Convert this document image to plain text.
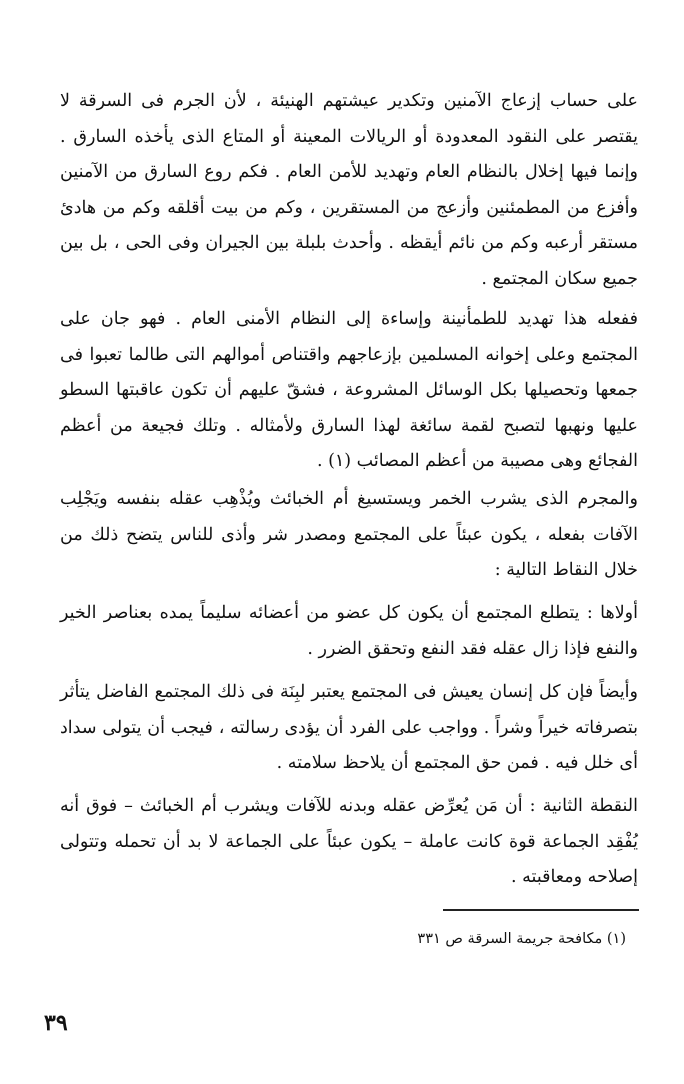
على حساب إزعاج الآمنين وتكدير عيشتهم الهنيئة ، لأن الجرم فى السرقة لا يقتصر على النقود المعدودة أو الريالات المعينة أو المتاع الذى يأخذه السارق . وإنما فيها إخلال بالنظام العام وتهديد للأمن العام . فكم روع السارق من الآمنين وأفزع من المطمئنين وأزعج من المستقرين ، وكم من بيت أقلقه وكم من هادئ مستقر أرعبه وكم من نائم أيقظه . وأحدث بلبلة بين الجيران وفى الحى ، بل بين جميع سكان المجتمع .

ففعله هذا تهديد للطمأنينة وإساءة إلى النظام الأمنى العام . فهو جان على المجتمع وعلى إخوانه المسلمين بإزعاجهم واقتناص أموالهم التى طالما تعبوا فى جمعها وتحصيلها بكل الوسائل المشروعة ، فشقّ عليهم أن تكون عاقبتها السطو عليها ونهبها لتصبح لقمة سائغة لهذا السارق ولأمثاله . وتلك فجيعة من أعظم الفجائع وهى مصيبة من أعظم المصائب (١) .

والمجرم الذى يشرب الخمر ويستسيغ أم الخبائث ويُذْهِب عقله بنفسه ويَجْلِب الآفات بفعله ، يكون عبئاً على المجتمع ومصدر شر وأذى للناس يتضح ذلك من خلال النقاط التالية :

أولاها : يتطلع المجتمع أن يكون كل عضو من أعضائه سليماً يمده بعناصر الخير والنفع فإذا زال عقله فقد النفع وتحقق الضرر .

وأيضاً فإن كل إنسان يعيش فى المجتمع يعتبر لبِنَة فى ذلك المجتمع الفاضل يتأثر بتصرفاته خيراً وشراً . وواجب على الفرد أن يؤدى رسالته ، فيجب أن يتولى سداد أى خلل فيه . فمن حق المجتمع أن يلاحظ سلامته .

النقطة الثانية : أن مَن يُعرِّض عقله وبدنه للآفات ويشرب أم الخبائث – فوق أنه يُفْقِد الجماعة قوة كانت عاملة – يكون عبئاً على الجماعة لا بد أن تحمله وتتولى إصلاحه ومعاقبته .

(١) مكافحة جريمة السرقة ص ٣٣١
٣٩
